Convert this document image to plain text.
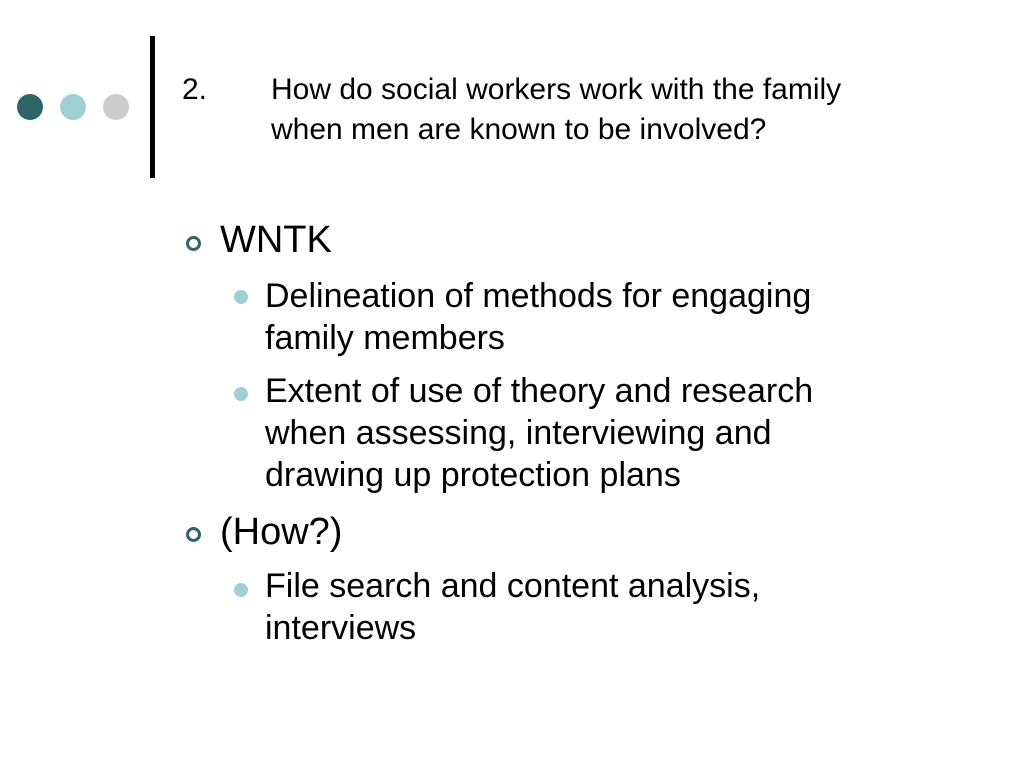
2. How do social workers work with the family
when men are known to be involved?
WNTK
Delineation of methods for engaging
family members
Extent of use of theory and research
when assessing, interviewing and
drawing up protection plans
(How?)
File search and content analysis,
interviews
